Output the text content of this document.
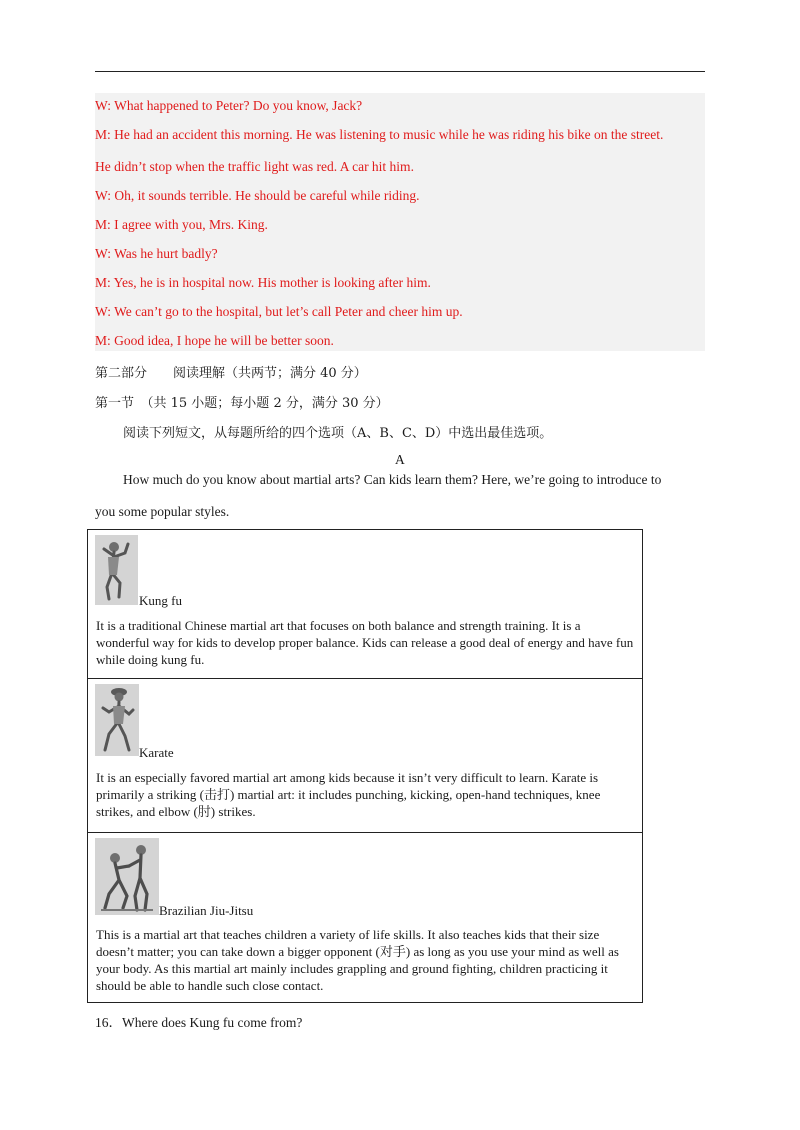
W: What happened to Peter? Do you know, Jack?
M: He had an accident this morning. He was listening to music while he was riding his bike on the street.
He didn’t stop when the traffic light was red. A car hit him.
W: Oh, it sounds terrible. He should be careful while riding.
M: I agree with you, Mrs. King.
W: Was he hurt badly?
M: Yes, he is in hospital now. His mother is looking after him.
W: We can’t go to the hospital, but let’s call Peter and cheer him up.
M: Good idea, I hope he will be better soon.
第二部分　　阅读理解（共两节；满分 40 分）
第一节　（共 15 小题；每小题 2 分，满分 30 分）
阅读下列短文，从每题所给的四个选项（A、B、C、D）中选出最佳选项。
A
How much do you know about martial arts? Can kids learn them? Here, we’re going to introduce to
you some popular styles.
Kung fu
It is a traditional Chinese martial art that focuses on both balance and strength training. It is a wonderful way for kids to develop proper balance. Kids can release a good deal of energy and have fun while doing kung fu.
Karate
It is an especially favored martial art among kids because it isn’t very difficult to learn. Karate is primarily a striking (击打) martial art: it includes punching, kicking, open-hand techniques, knee strikes, and elbow (肘) strikes.
Brazilian Jiu-Jitsu
This is a martial art that teaches children a variety of life skills. It also teaches kids that their size doesn’t matter; you can take down a bigger opponent (对手) as long as you use your mind as well as your body. As this martial art mainly includes grappling and ground fighting, children practicing it should be able to handle such close contact.
16．Where does Kung fu come from?
